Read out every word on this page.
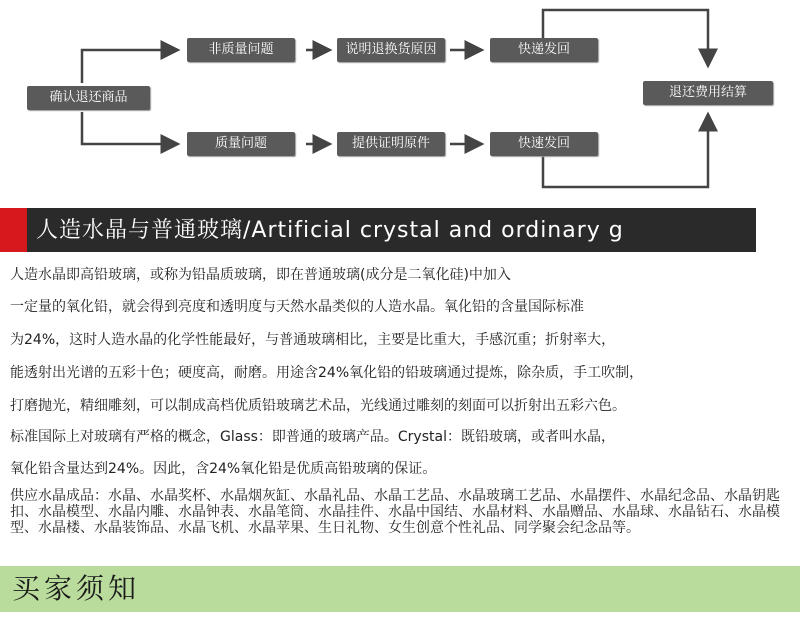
确认退还商品
非质量问题	说明退换货原因	快递发回
质量问题	提供证明原件	快速发回
退还费用结算
人造水晶与普通玻璃/Artificial crystal and ordinary g
人造水晶即高铅玻璃，或称为铅晶质玻璃，即在普通玻璃(成分是二氧化硅)中加入
一定量的氧化铅，就会得到亮度和透明度与天然水晶类似的人造水晶。氧化铅的含量国际标准
为24%，这时人造水晶的化学性能最好，与普通玻璃相比，主要是比重大，手感沉重；折射率大，
能透射出光谱的五彩十色；硬度高，耐磨。用途含24%氧化铅的铅玻璃通过提炼，除杂质，手工吹制，
打磨抛光，精细雕刻，可以制成高档优质铅玻璃艺术品，光线通过雕刻的刻面可以折射出五彩六色。
标准国际上对玻璃有严格的概念，Glass：即普通的玻璃产品。Crystal：既铅玻璃，或者叫水晶，
氧化铅含量达到24%。因此，含24%氧化铅是优质高铅玻璃的保证。
供应水晶成品：水晶、水晶奖杯、水晶烟灰缸、水晶礼品、水晶工艺品、水晶玻璃工艺品、水晶摆件、水晶纪念品、水晶钥匙扣、水晶模型、水晶内雕、水晶钟表、水晶笔筒、水晶挂件、水晶中国结、水晶材料、水晶赠品、水晶球、水晶钻石、水晶模型、水晶楼、水晶装饰品、水晶飞机、水晶苹果、生日礼物、女生创意个性礼品、同学聚会纪念品等。
买家须知
